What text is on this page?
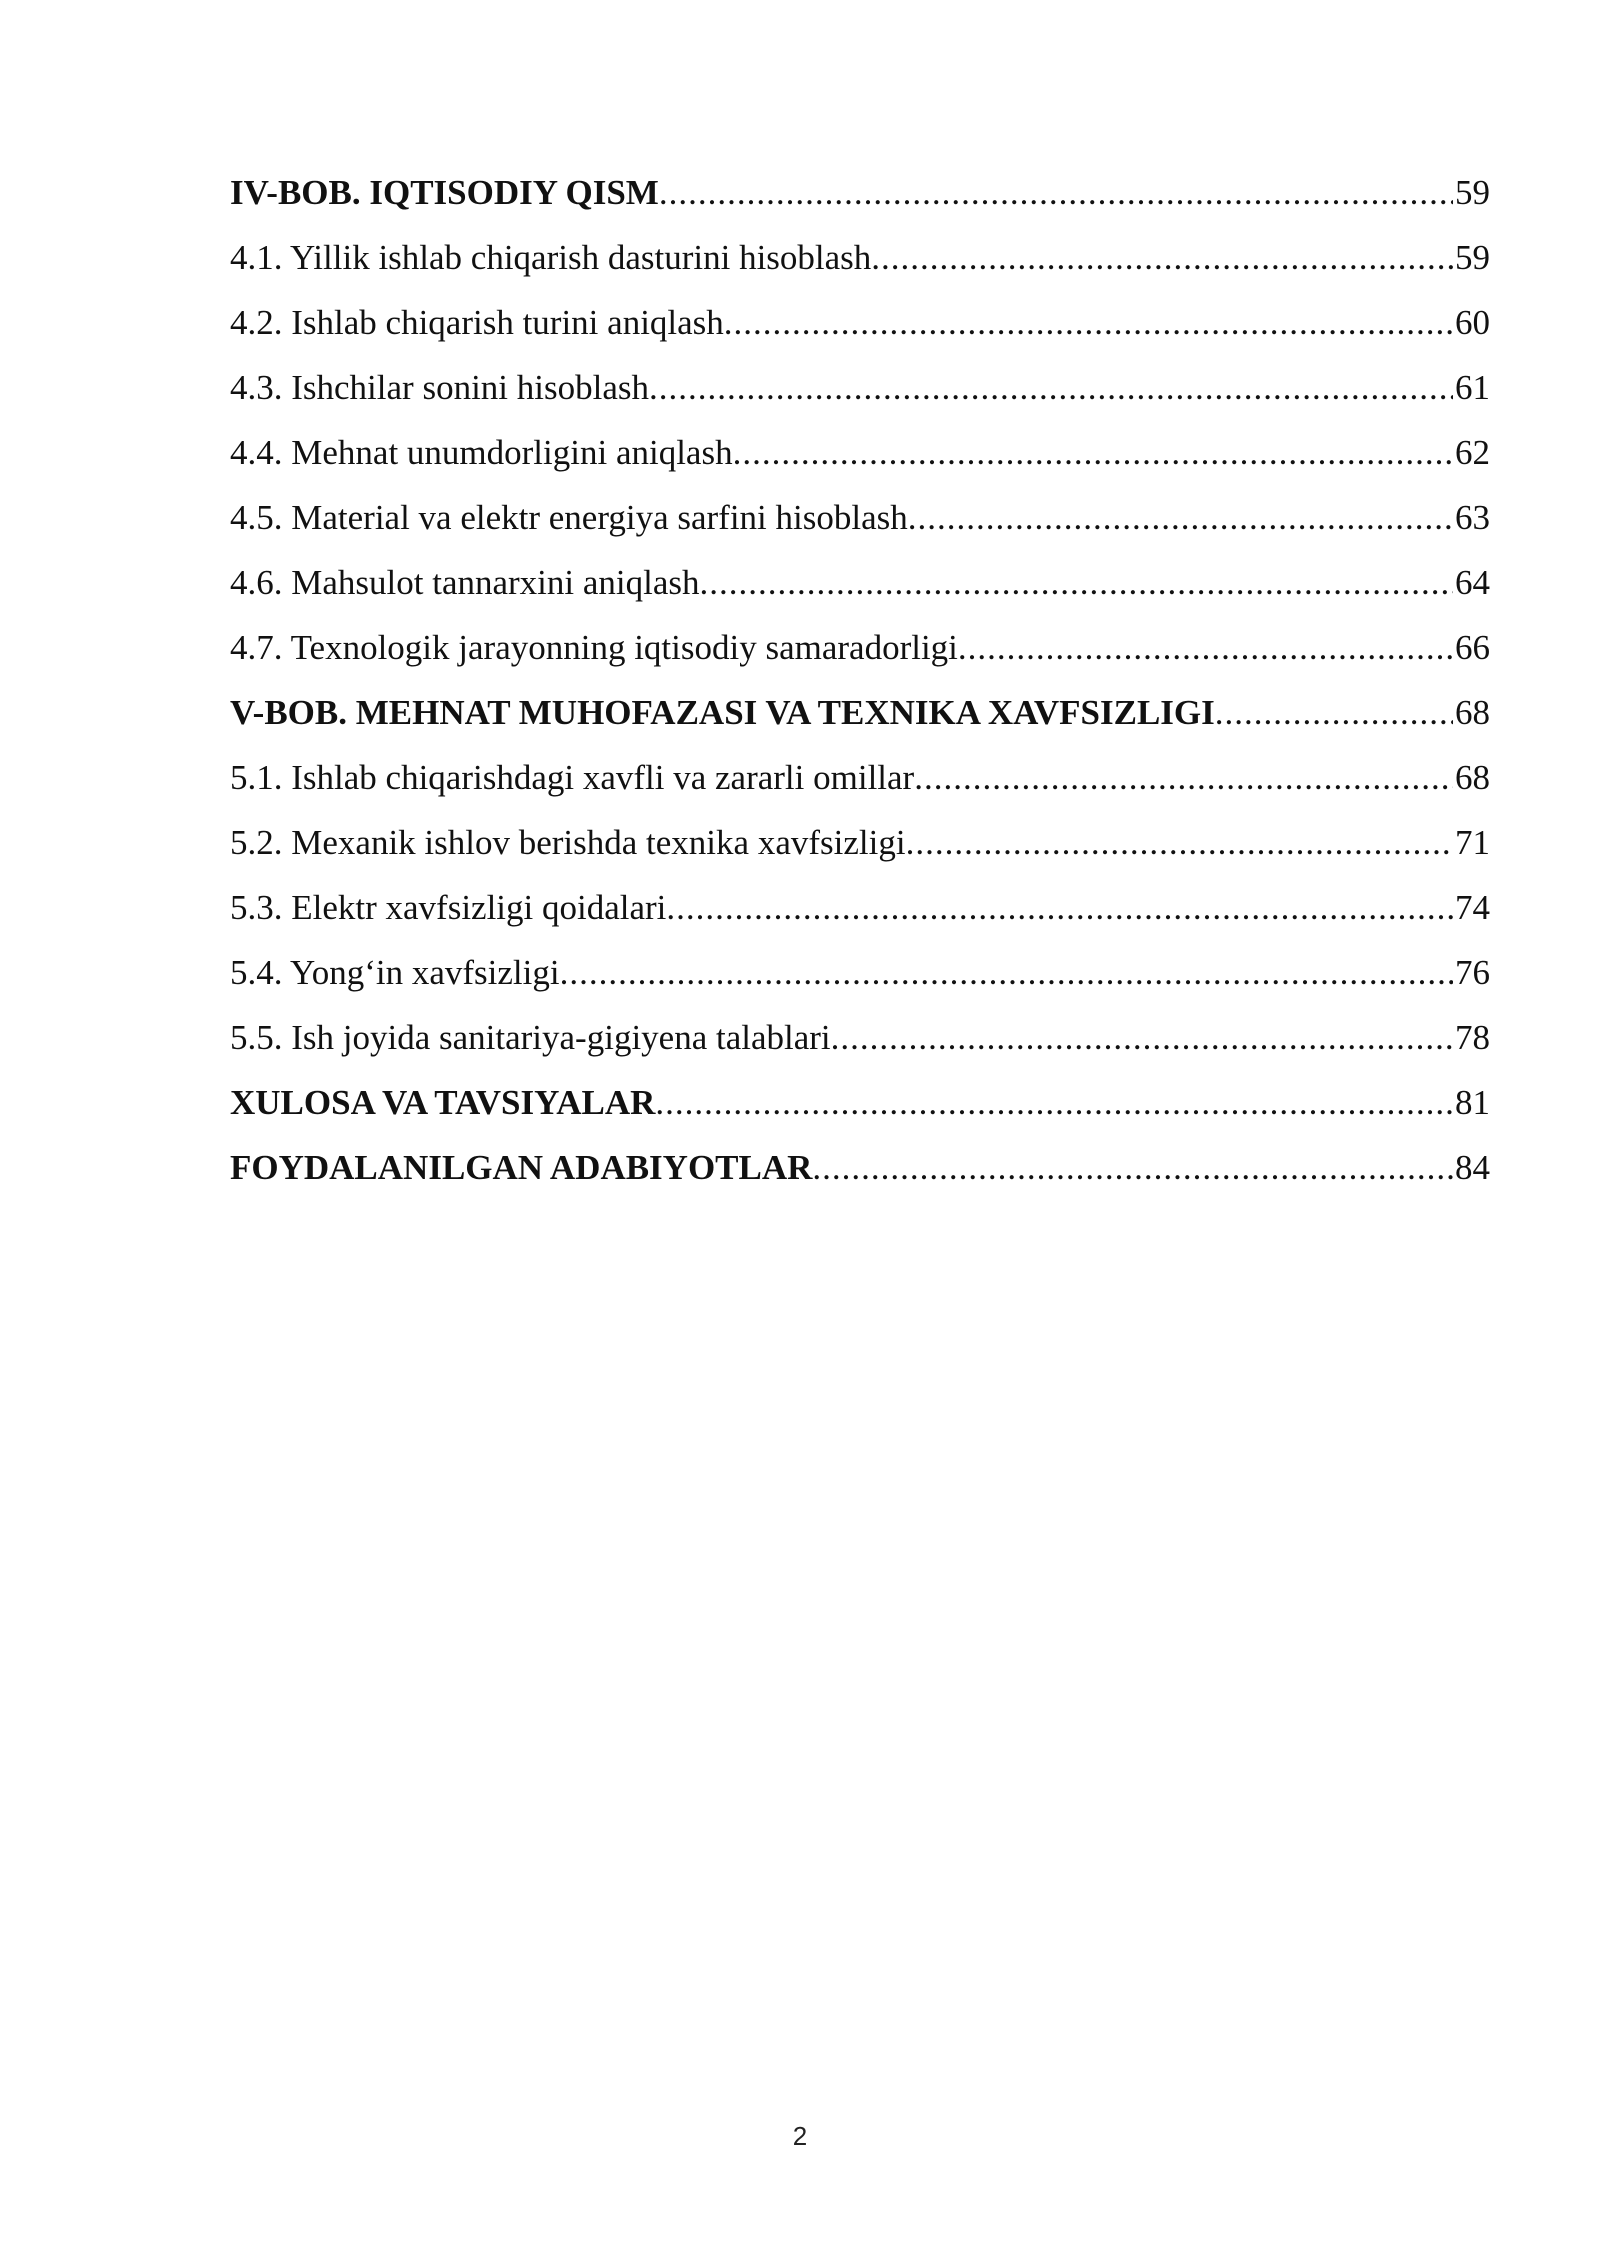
IV-BOB. IQTISODIY QISM .....	59
4.1. Yillik ishlab chiqarish dasturini hisoblash .....	59
4.2. Ishlab chiqarish turini aniqlash .....	60
4.3. Ishchilar sonini hisoblash .....	61
4.4. Mehnat unumdorligini aniqlash .....	62
4.5. Material va elektr energiya sarfini hisoblash .....	63
4.6. Mahsulot tannarxini aniqlash .....	64
4.7. Texnologik jarayonning iqtisodiy samaradorligi .....	66
V-BOB. MEHNAT MUHOFAZASI VA TEXNIKA XAVFSIZLIGI .....	68
5.1. Ishlab chiqarishdagi xavfli va zararli omillar .....	68
5.2. Mexanik ishlov berishda texnika xavfsizligi .....	71
5.3. Elektr xavfsizligi qoidalari .....	74
5.4. Yong‘in xavfsizligi .....	76
5.5. Ish joyida sanitariya-gigiyena talablari .....	78
XULOSA VA TAVSIYALAR .....	81
FOYDALANILGAN ADABIYOTLAR .....	84
2
